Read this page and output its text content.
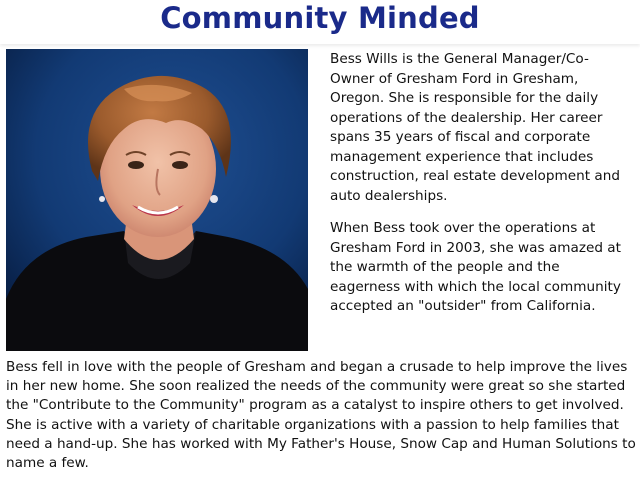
Community Minded

Bess Wills is the General Manager/Co-Owner of Gresham Ford in Gresham, Oregon. She is responsible for the daily operations of the dealership. Her career spans 35 years of fiscal and corporate management experience that includes construction, real estate development and auto dealerships.

When Bess took over the operations at Gresham Ford in 2003, she was amazed at the warmth of the people and the eagerness with which the local community accepted an "outsider" from California.

Bess fell in love with the people of Gresham and began a crusade to help improve the lives in her new home. She soon realized the needs of the community were great so she started the "Contribute to the Community" program as a catalyst to inspire others to get involved. She is active with a variety of charitable organizations with a passion to help families that need a hand-up. She has worked with My Father's House, Snow Cap and Human Solutions to name a few.
